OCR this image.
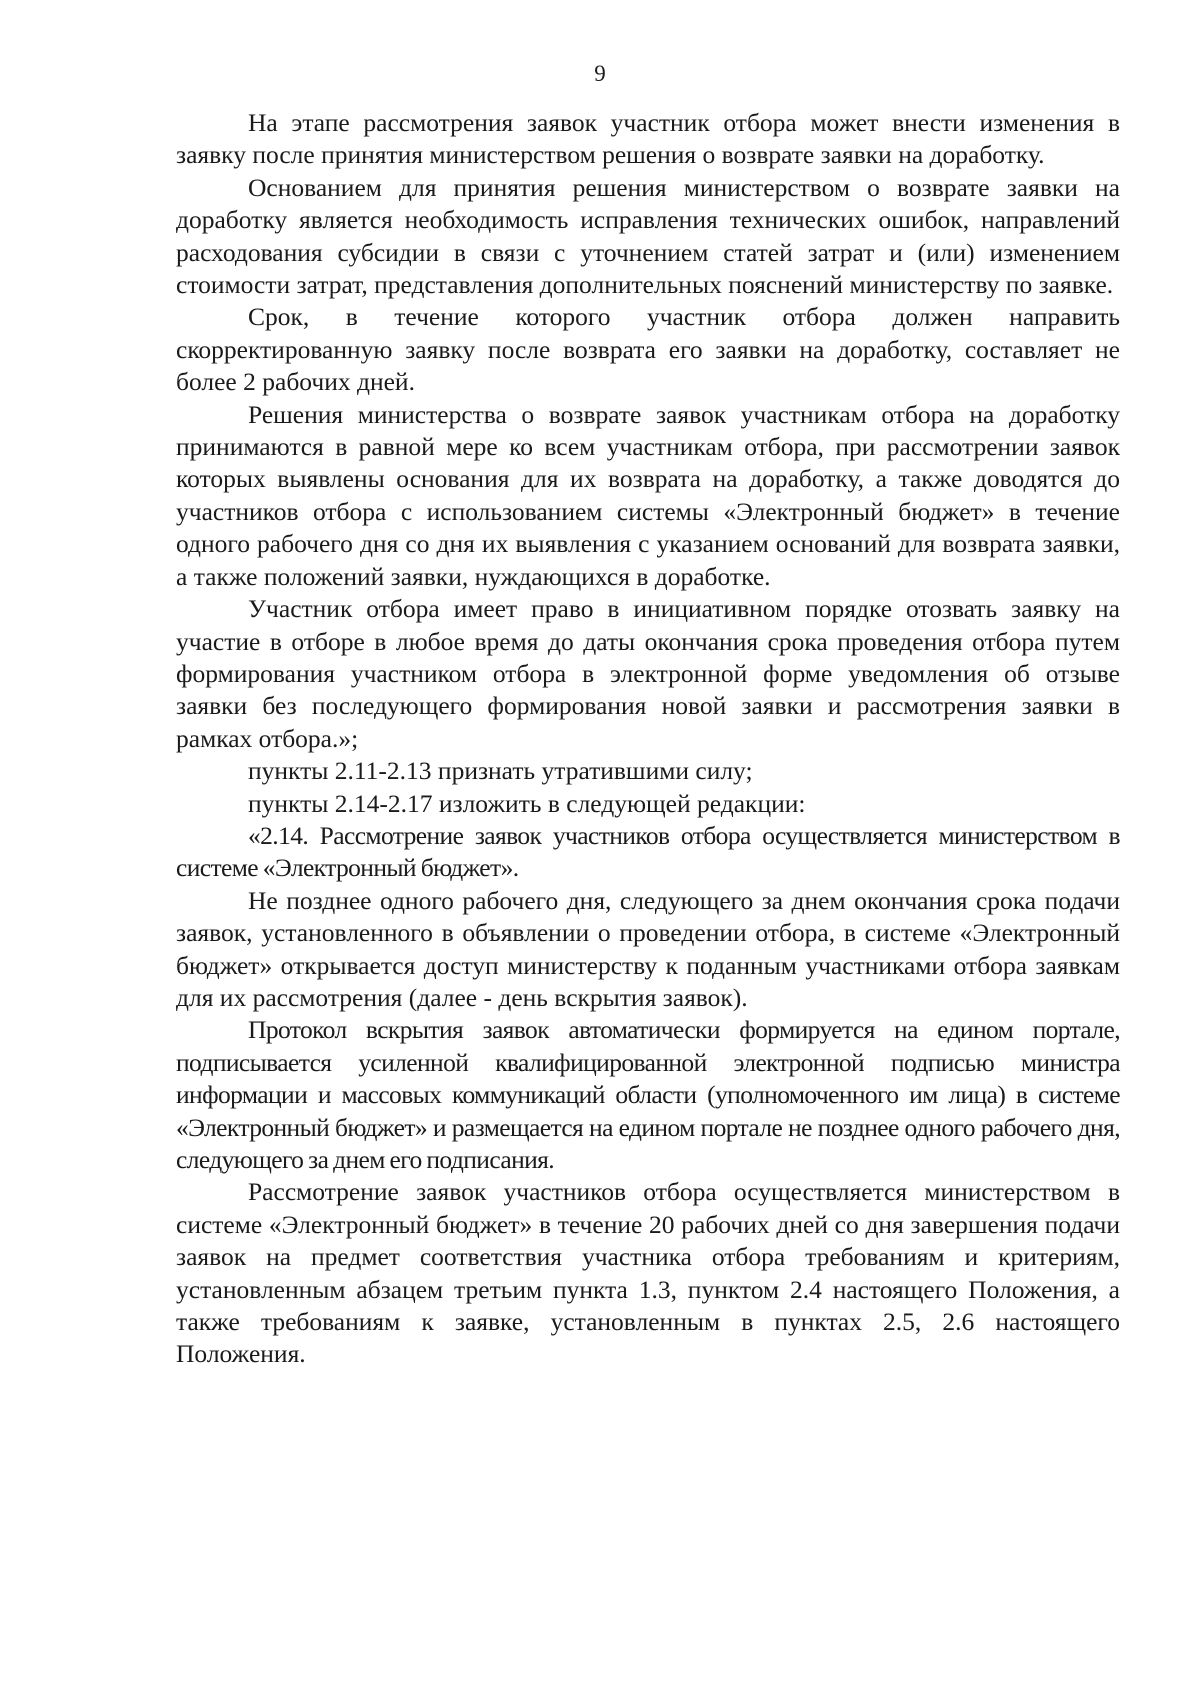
9

На этапе рассмотрения заявок участник отбора может внести изменения в заявку после принятия министерством решения о возврате заявки на доработку.

Основанием для принятия решения министерством о возврате заявки на доработку является необходимость исправления технических ошибок, направлений расходования субсидии в связи с уточнением статей затрат и (или) изменением стоимости затрат, представления дополнительных пояснений министерству по заявке.

Срок, в течение которого участник отбора должен направить скорректированную заявку после возврата его заявки на доработку, составляет не более 2 рабочих дней.

Решения министерства о возврате заявок участникам отбора на доработку принимаются в равной мере ко всем участникам отбора, при рассмотрении заявок которых выявлены основания для их возврата на доработку, а также доводятся до участников отбора с использованием системы «Электронный бюджет» в течение одного рабочего дня со дня их выявления с указанием оснований для возврата заявки, а также положений заявки, нуждающихся в доработке.

Участник отбора имеет право в инициативном порядке отозвать заявку на участие в отборе в любое время до даты окончания срока проведения отбора путем формирования участником отбора в электронной форме уведомления об отзыве заявки без последующего формирования новой заявки и рассмотрения заявки в рамках отбора.»;

пункты 2.11-2.13 признать утратившими силу;

пункты 2.14-2.17 изложить в следующей редакции:

«2.14. Рассмотрение заявок участников отбора осуществляется министерством в системе «Электронный бюджет».

Не позднее одного рабочего дня, следующего за днем окончания срока подачи заявок, установленного в объявлении о проведении отбора, в системе «Электронный бюджет» открывается доступ министерству к поданным участниками отбора заявкам для их рассмотрения (далее - день вскрытия заявок).

Протокол вскрытия заявок автоматически формируется на едином портале, подписывается усиленной квалифицированной электронной подписью министра информации и массовых коммуникаций области (уполномоченного им лица) в системе «Электронный бюджет» и размещается на едином портале не позднее одного рабочего дня, следующего за днем его подписания.

Рассмотрение заявок участников отбора осуществляется министерством в системе «Электронный бюджет» в течение 20 рабочих дней со дня завершения подачи заявок на предмет соответствия участника отбора требованиям и критериям, установленным абзацем третьим пункта 1.3, пунктом 2.4 настоящего Положения, а также требованиям к заявке, установленным в пунктах 2.5, 2.6 настоящего Положения.
